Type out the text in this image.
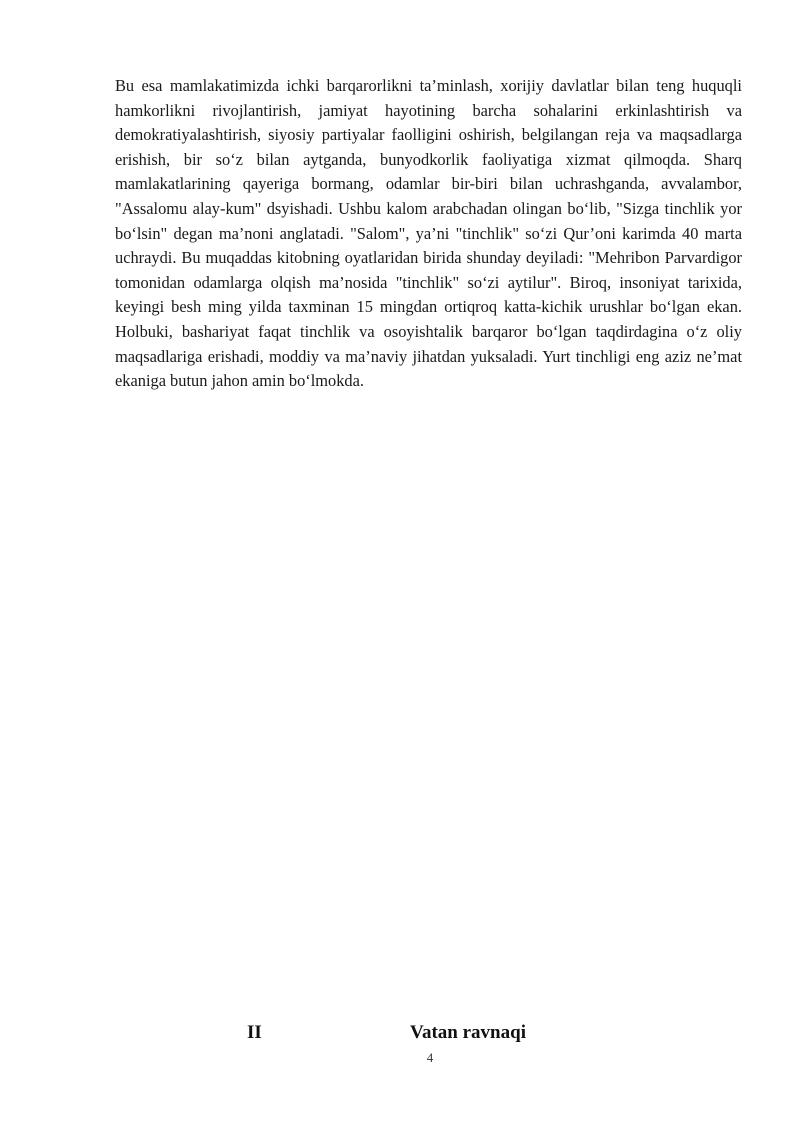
Bu esa mamlakatimizda ichki barqarorlikni ta’minlash, xorijiy davlatlar bilan teng huquqli hamkorlikni rivojlantirish, jamiyat hayotining barcha sohalarini erkinlashtirish va demokratiyalashtirish, siyosiy partiyalar faolligini oshirish, belgilangan reja va maqsadlarga erishish, bir so‘z bilan aytganda, bunyodkorlik faoliyatiga xizmat qilmoqda. Sharq mamlakatlarining qayeriga bormang, odamlar bir-biri bilan uchrashganda, avvalambor, "Assalomu alay-kum" dsyishadi. Ushbu kalom arabchadan olingan bo‘lib, "Sizga tinchlik yor bo‘lsin" degan ma’noni anglatadi. "Salom", ya’ni "tinchlik" so‘zi Qur’oni karimda 40 marta uchraydi. Bu muqaddas kitobning oyatlaridan birida shunday deyiladi: "Mehribon Parvardigor tomonidan odamlarga olqish ma’nosida "tinchlik" so‘zi aytilur". Biroq, insoniyat tarixida, keyingi besh ming yilda taxminan 15 mingdan ortiqroq katta-kichik urushlar bo‘lgan ekan. Holbuki, bashariyat faqat tinchlik va osoyishtalik barqaror bo‘lgan taqdirdagina o‘z oliy maqsadlariga erishadi, moddiy va ma’naviy jihatdan yuksaladi. Yurt tinchligi eng aziz ne’mat ekaniga butun jahon amin bo‘lmokda.

II	Vatan ravnaqi
4
